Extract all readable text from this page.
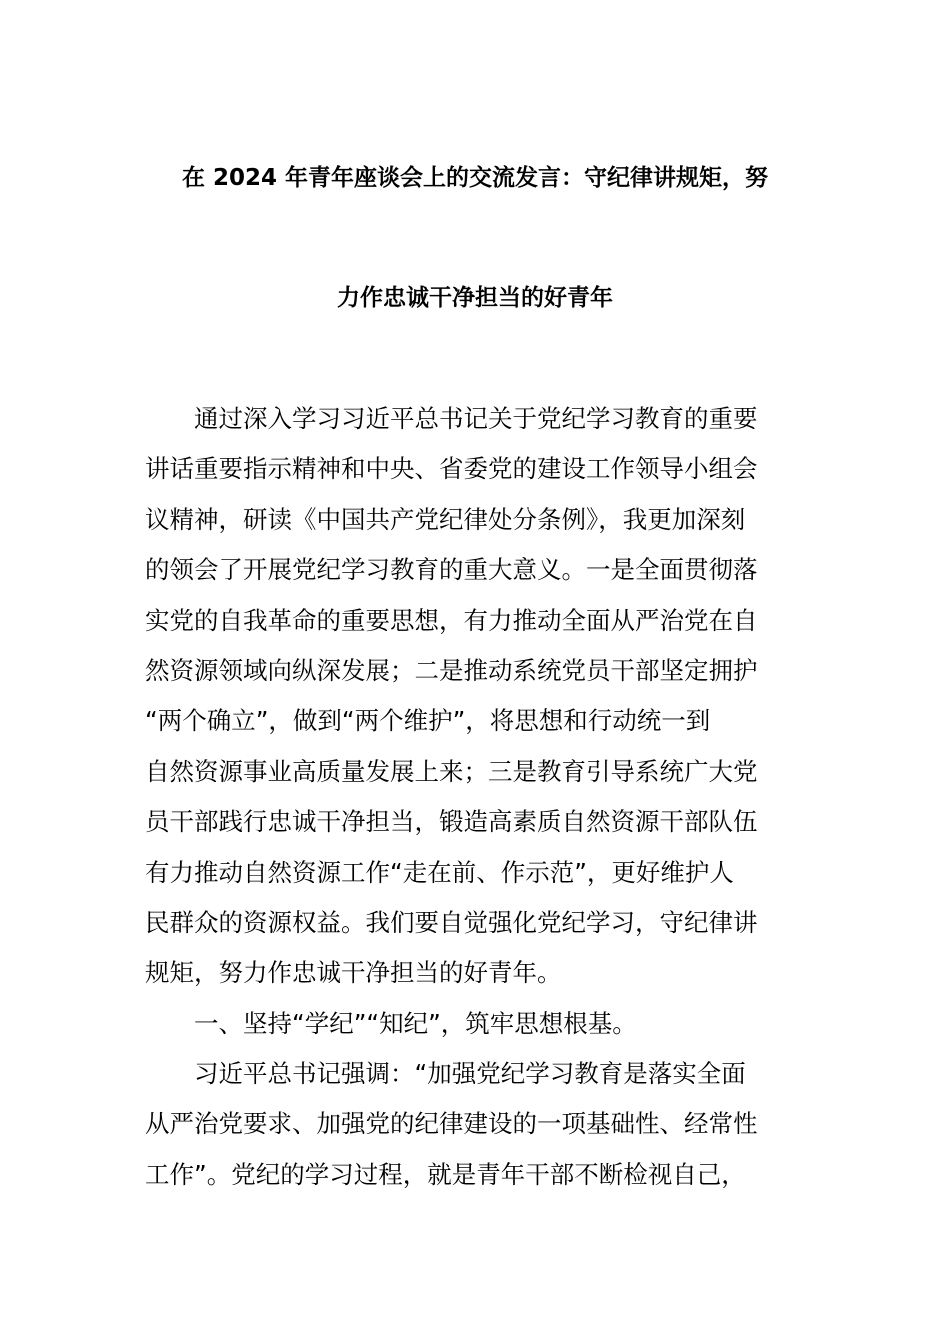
在 2024 年青年座谈会上的交流发言：守纪律讲规矩，努
力作忠诚干净担当的好青年
　　通过深入学习习近平总书记关于党纪学习教育的重要
讲话重要指示精神和中央、省委党的建设工作领导小组会
议精神，研读《中国共产党纪律处分条例》，我更加深刻
的领会了开展党纪学习教育的重大意义。一是全面贯彻落
实党的自我革命的重要思想，有力推动全面从严治党在自
然资源领域向纵深发展；二是推动系统党员干部坚定拥护
“两个确立”，做到“两个维护”，将思想和行动统一到
自然资源事业高质量发展上来；三是教育引导系统广大党
员干部践行忠诚干净担当，锻造高素质自然资源干部队伍
有力推动自然资源工作“走在前、作示范”，更好维护人
民群众的资源权益。我们要自觉强化党纪学习，守纪律讲
规矩，努力作忠诚干净担当的好青年。
　　一、坚持“学纪”“知纪”，筑牢思想根基。
　　习近平总书记强调：“加强党纪学习教育是落实全面
从严治党要求、加强党的纪律建设的一项基础性、经常性
工作”。党纪的学习过程，就是青年干部不断检视自己，
